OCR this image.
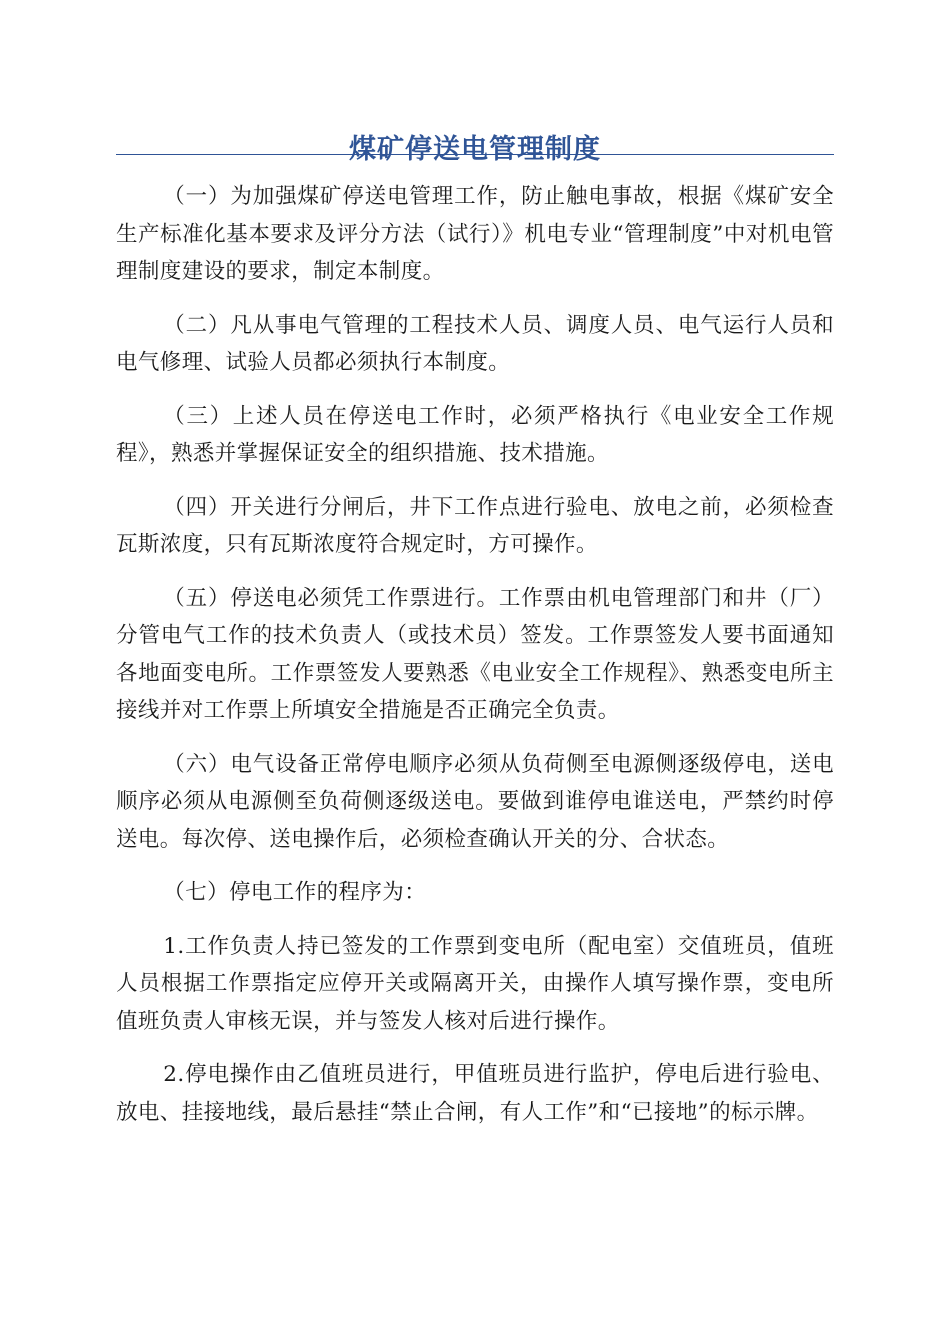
煤矿停送电管理制度

（一）为加强煤矿停送电管理工作，防止触电事故，根据《煤矿安全生产标准化基本要求及评分方法（试行）》机电专业“管理制度”中对机电管理制度建设的要求，制定本制度。

（二）凡从事电气管理的工程技术人员、调度人员、电气运行人员和电气修理、试验人员都必须执行本制度。

（三）上述人员在停送电工作时，必须严格执行《电业安全工作规程》，熟悉并掌握保证安全的组织措施、技术措施。

（四）开关进行分闸后，井下工作点进行验电、放电之前，必须检查瓦斯浓度，只有瓦斯浓度符合规定时，方可操作。

（五）停送电必须凭工作票进行。工作票由机电管理部门和井（厂）分管电气工作的技术负责人（或技术员）签发。工作票签发人要书面通知各地面变电所。工作票签发人要熟悉《电业安全工作规程》、熟悉变电所主接线并对工作票上所填安全措施是否正确完全负责。

（六）电气设备正常停电顺序必须从负荷侧至电源侧逐级停电，送电顺序必须从电源侧至负荷侧逐级送电。要做到谁停电谁送电，严禁约时停送电。每次停、送电操作后，必须检查确认开关的分、合状态。

（七）停电工作的程序为：

1.工作负责人持已签发的工作票到变电所（配电室）交值班员，值班人员根据工作票指定应停开关或隔离开关，由操作人填写操作票，变电所值班负责人审核无误，并与签发人核对后进行操作。

2.停电操作由乙值班员进行，甲值班员进行监护，停电后进行验电、放电、挂接地线，最后悬挂“禁止合闸，有人工作”和“已接地”的标示牌。
